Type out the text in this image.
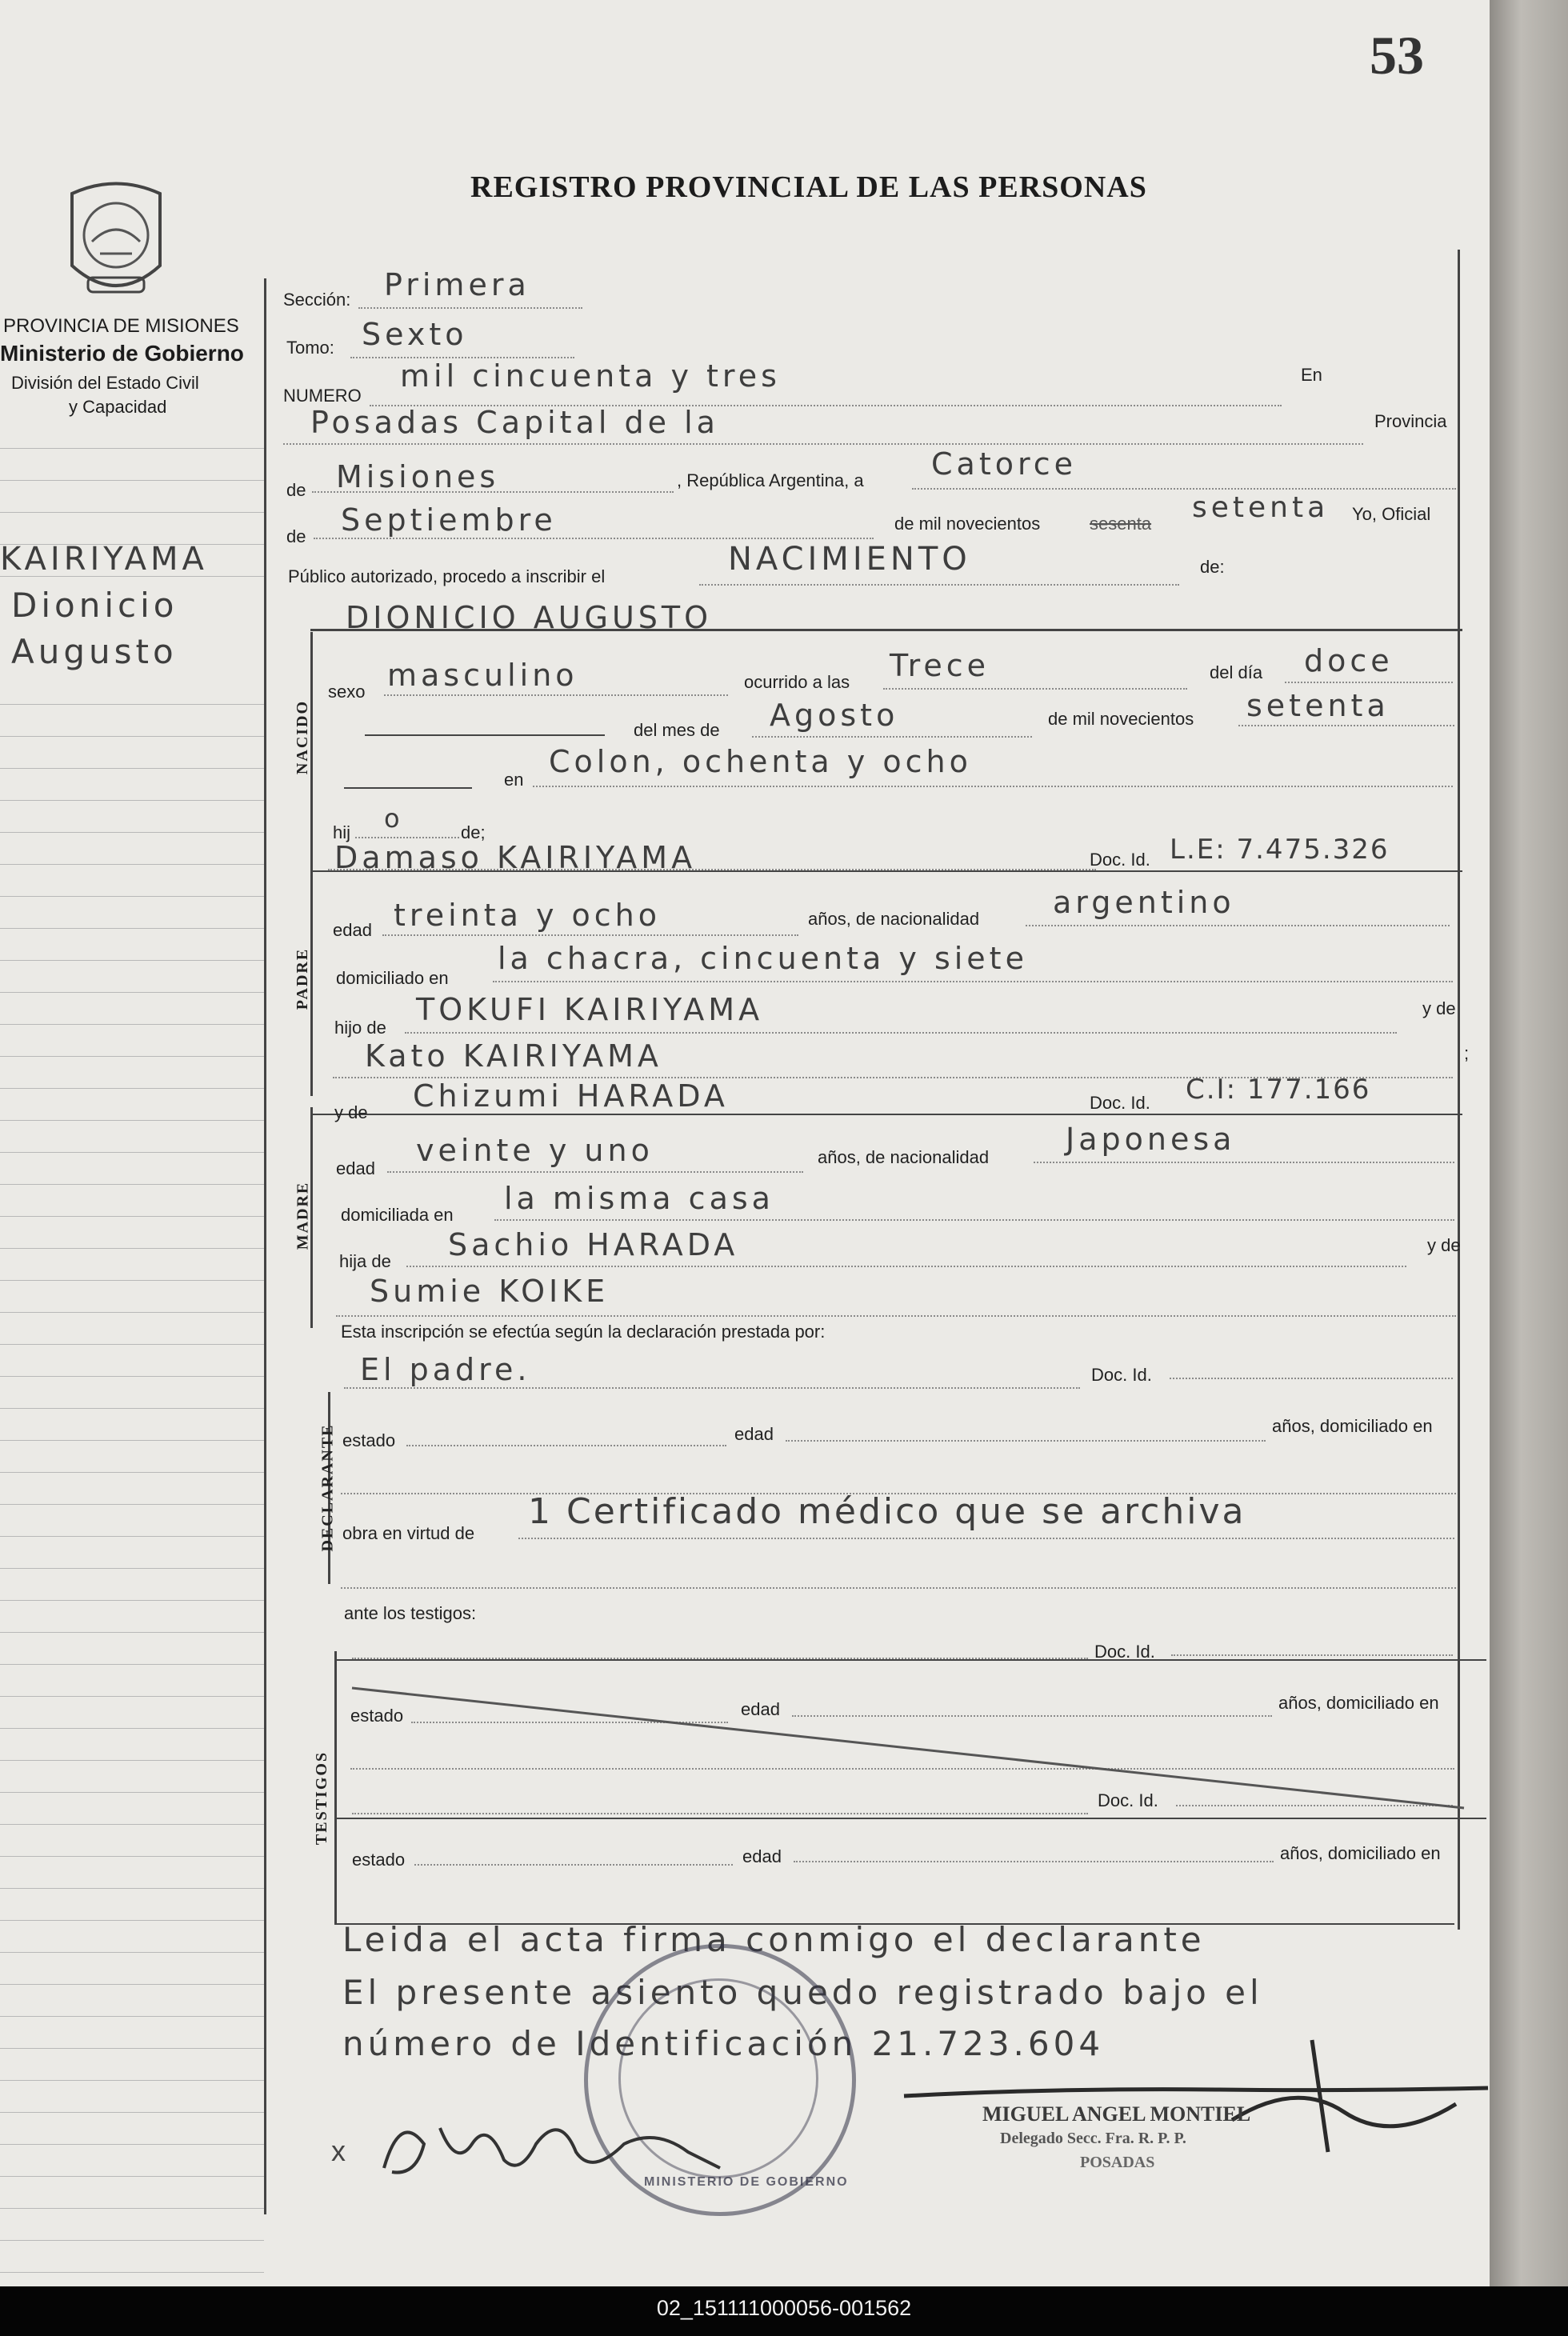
53
REGISTRO PROVINCIAL DE LAS PERSONAS
PROVINCIA DE MISIONES
Ministerio de Gobierno
División del Estado Civil
y Capacidad
KAIRIYAMA
Dionicio
Augusto
NACIDO
PADRE
MADRE
DECLARANTE
TESTIGOS
Sección: Primera
Tomo: Sexto
NUMERO
mil cincuenta y tres	En
Posadas Capital de la	Provincia
de Misiones	, República Argentina, a Catorce
de Septiembre	de mil novecientos	sesenta setenta Yo, Oficial
Público autorizado, procedo a inscribir el	NACIMIENTO	de:
DIONICIO AUGUSTO
sexo masculino	ocurrido a las Trece	del día doce
del mes de Agosto	de mil novecientos setenta
en
Colon, ochenta y ocho
hij o	de;
Damaso KAIRIYAMA	Doc. Id. L.E: 7.475.326
edad treinta y ocho	años, de nacionalidad argentino
domiciliado en
la chacra, cincuenta y siete
hijo de
TOKUFI KAIRIYAMA	y de
Kato KAIRIYAMA	;
y de Chizumi HARADA	Doc. Id. C.I: 177.166
edad
veinte y uno	años, de nacionalidad
Japonesa
domiciliada en la misma casa
hija de Sachio HARADA	y de
Sumie KOIKE
Esta inscripción se efectúa según la declaración prestada por:
El padre.	Doc. Id.
estado	edad	años, domiciliado en
obra en virtud de
1 Certificado médico que se archiva
ante los testigos:
Doc. Id.
estado	edad	años, domiciliado en
Doc. Id.
estado	edad	años, domiciliado en
Leida el acta firma conmigo el declarante
El presente asiento quedo registrado bajo el
número de Identificación 21.723.604
MINISTERIO DE GOBIERNO
x
MIGUEL ANGEL MONTIEL
Delegado Secc. Fra. R. P. P.
POSADAS
02_151111000056-001562
